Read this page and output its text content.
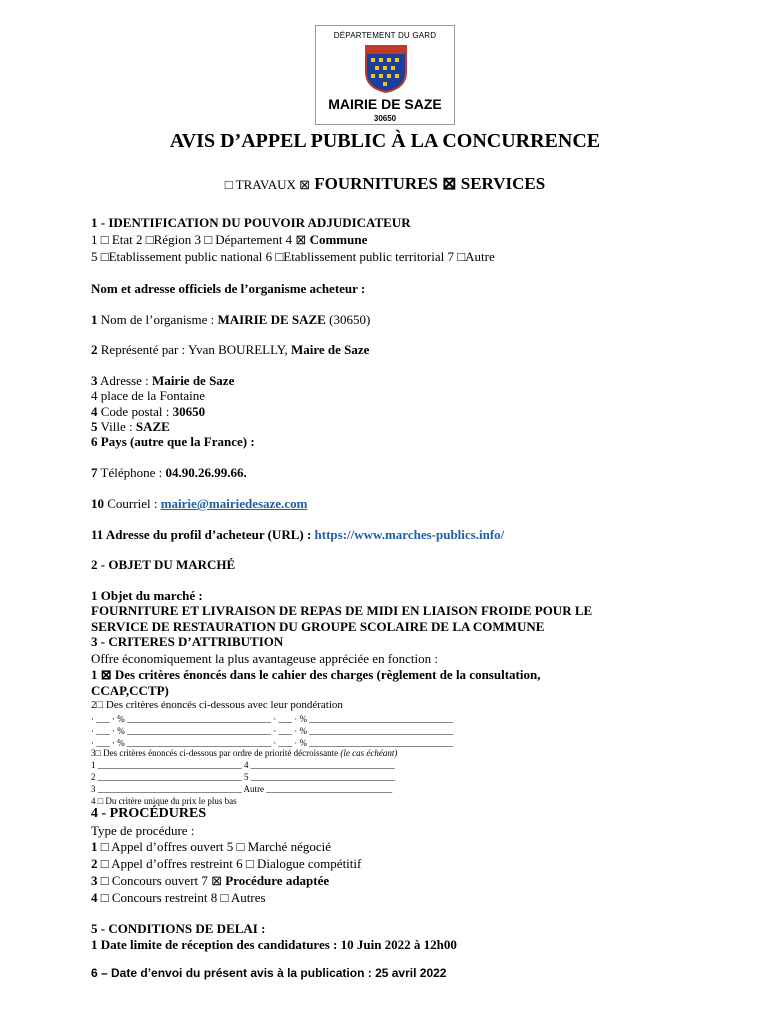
DÉPARTEMENT DU GARD
MAIRIE DE SAZE
30650
AVIS D’APPEL PUBLIC À LA CONCURRENCE
□ TRAVAUX ⊠ FOURNITURES ⊠ SERVICES
1 - IDENTIFICATION DU POUVOIR ADJUDICATEUR
1 □ Etat 2 □Région 3 □ Département 4 ⊠ Commune
5 □Etablissement public national 6 □Etablissement public territorial 7 □Autre
Nom et adresse officiels de l’organisme acheteur :
1 Nom de l’organisme : MAIRIE DE SAZE (30650)
2 Représenté par : Yvan BOURELLY, Maire de Saze
3 Adresse : Mairie de Saze
4 place de la Fontaine
4 Code postal : 30650
5 Ville : SAZE
6 Pays (autre que la France) :
7 Téléphone : 04.90.26.99.66.
10 Courriel : mairie@mairiedesaze.com
11 Adresse du profil d’acheteur (URL) : https://www.marches-publics.info/
2 - OBJET DU MARCHÉ
1 Objet du marché :
FOURNITURE ET LIVRAISON DE REPAS DE MIDI EN LIAISON FROIDE POUR LE
SERVICE DE RESTAURATION DU GROUPE SCOLAIRE DE LA COMMUNE
3 - CRITERES D’ATTRIBUTION
Offre économiquement la plus avantageuse appréciée en fonction :
1 ⊠ Des critères énoncés dans le cahier des charges (règlement de la consultation,
CCAP,CCTP)
2□ Des critères énoncés ci-dessous avec leur pondération
· ___ · % ________________________________ · ___ · % ________________________________
· ___ · % ________________________________ · ___ · % ________________________________
· ___ · % ________________________________ · ___ · % ________________________________
3□ Des critères énoncés ci-dessous par ordre de priorité décroissante (le cas échéant)
1 ________________________________ 4 ________________________________
2 ________________________________ 5 ________________________________
3 ________________________________ Autre ____________________________
4 □ Du critère unique du prix le plus bas
4 - PROCÉDURES
Type de procédure :
1 □ Appel d’offres ouvert 5 □ Marché négocié
2 □ Appel d’offres restreint 6 □ Dialogue compétitif
3 □ Concours ouvert 7 ⊠ Procédure adaptée
4 □ Concours restreint 8 □ Autres
5 - CONDITIONS DE DELAI :
1 Date limite de réception des candidatures : 10 Juin 2022 à 12h00
6 – Date d’envoi du présent avis à la publication : 25 avril 2022
